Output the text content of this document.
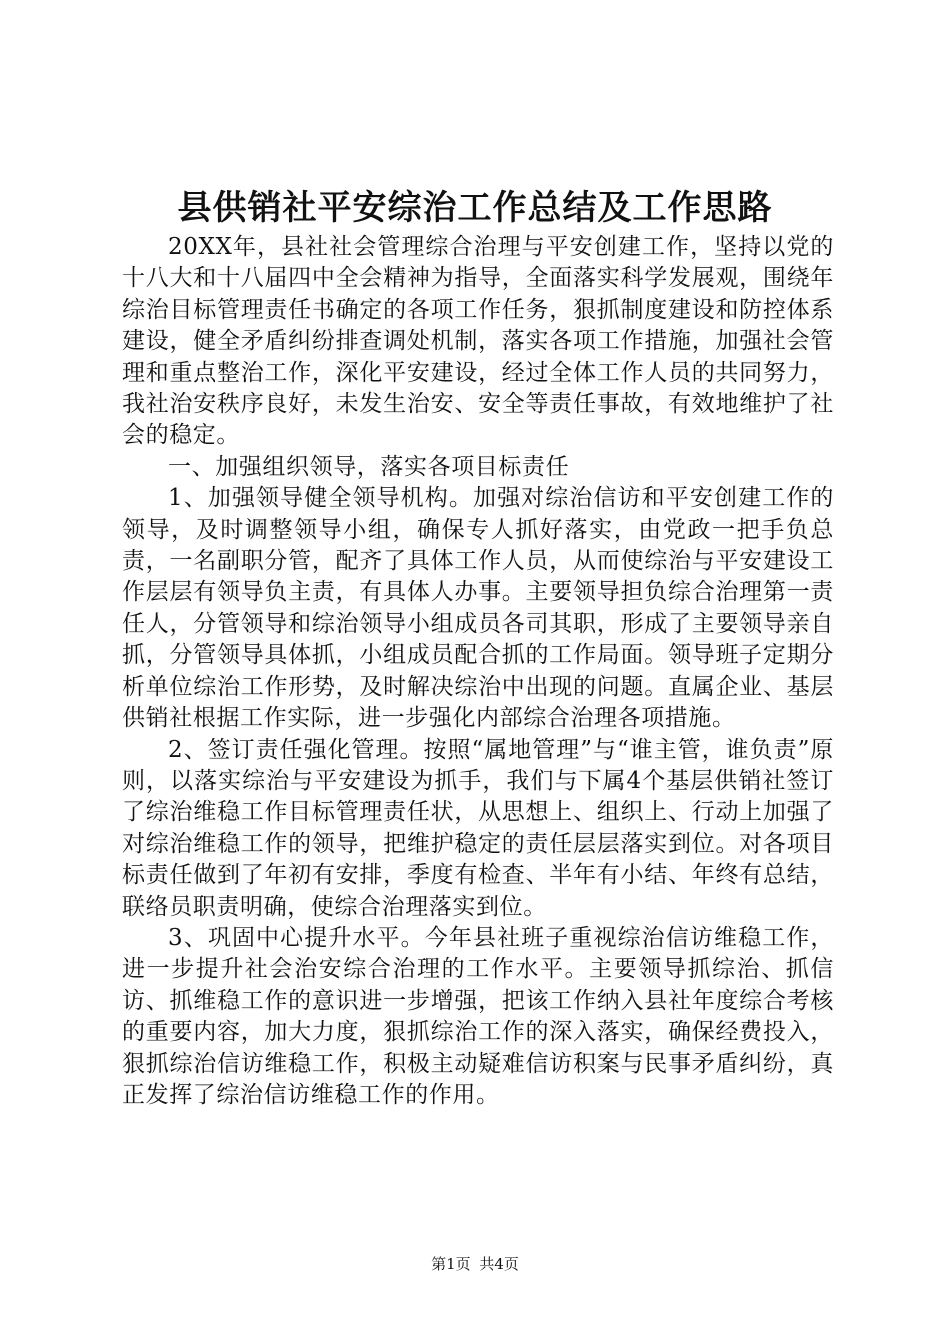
县供销社平安综治工作总结及工作思路

20XX年，县社社会管理综合治理与平安创建工作，坚持以党的十八大和十八届四中全会精神为指导，全面落实科学发展观，围绕年综治目标管理责任书确定的各项工作任务，狠抓制度建设和防控体系建设，健全矛盾纠纷排查调处机制，落实各项工作措施，加强社会管理和重点整治工作，深化平安建设，经过全体工作人员的共同努力，我社治安秩序良好，未发生治安、安全等责任事故，有效地维护了社会的稳定。

一、加强组织领导，落实各项目标责任

1、加强领导健全领导机构。加强对综治信访和平安创建工作的领导，及时调整领导小组，确保专人抓好落实，由党政一把手负总责，一名副职分管，配齐了具体工作人员，从而使综治与平安建设工作层层有领导负主责，有具体人办事。主要领导担负综合治理第一责任人，分管领导和综治领导小组成员各司其职，形成了主要领导亲自抓，分管领导具体抓，小组成员配合抓的工作局面。领导班子定期分析单位综治工作形势，及时解决综治中出现的问题。直属企业、基层供销社根据工作实际，进一步强化内部综合治理各项措施。

2、签订责任强化管理。按照“属地管理”与“谁主管，谁负责”原则，以落实综治与平安建设为抓手，我们与下属4个基层供销社签订了综治维稳工作目标管理责任状，从思想上、组织上、行动上加强了对综治维稳工作的领导，把维护稳定的责任层层落实到位。对各项目标责任做到了年初有安排，季度有检查、半年有小结、年终有总结，联络员职责明确，使综合治理落实到位。

3、巩固中心提升水平。今年县社班子重视综治信访维稳工作，进一步提升社会治安综合治理的工作水平。主要领导抓综治、抓信访、抓维稳工作的意识进一步增强，把该工作纳入县社年度综合考核的重要内容，加大力度，狠抓综治工作的深入落实，确保经费投入，狠抓综治信访维稳工作，积极主动疑难信访积案与民事矛盾纠纷，真正发挥了综治信访维稳工作的作用。

第1页 共4页
